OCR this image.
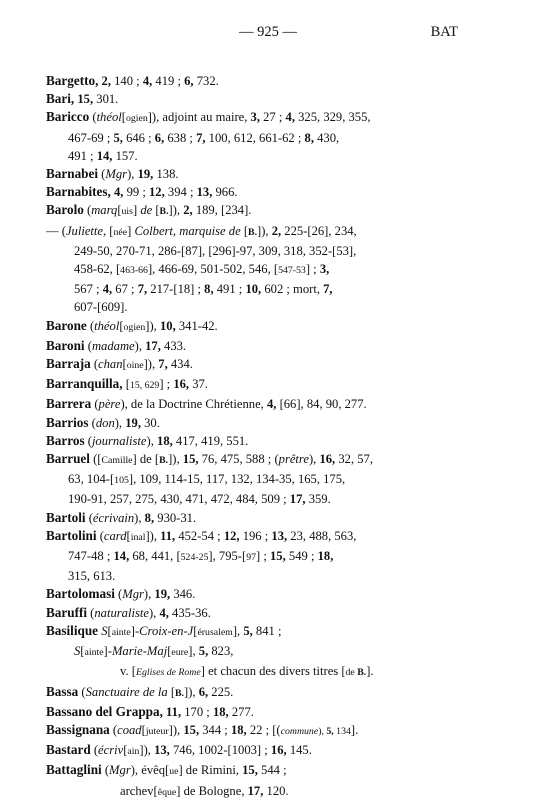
— 925 —	BAT
Bargetto, 2, 140 ; 4, 419 ; 6, 732.
Bari, 15, 301.
Baricco (théol[ogien]), adjoint au maire, 3, 27 ; 4, 325, 329, 355,
467-69 ; 5, 646 ; 6, 638 ; 7, 100, 612, 661-62 ; 8, 430,
491 ; 14, 157.
Barnabei (Mgr), 19, 138.
Barnabites, 4, 99 ; 12, 394 ; 13, 966.
Barolo (marq[uis] de [B.]), 2, 189, [234].
— (Juliette, [née] Colbert, marquise de [B.]), 2, 225-[26], 234,
249-50, 270-71, 286-[87], [296]-97, 309, 318, 352-[53],
458-62, [463-66], 466-69, 501-502, 546, [547-53] ; 3,
567 ; 4, 67 ; 7, 217-[18] ; 8, 491 ; 10, 602 ; mort, 7,
607-[609].
Barone (théol[ogien]), 10, 341-42.
Baroni (madame), 17, 433.
Barraja (chan[oine]), 7, 434.
Barranquilla, [15, 629] ; 16, 37.
Barrera (père), de la Doctrine Chrétienne, 4, [66], 84, 90, 277.
Barrios (don), 19, 30.
Barros (journaliste), 18, 417, 419, 551.
Barruel ([Camille] de [B.]), 15, 76, 475, 588 ; (prêtre), 16, 32, 57,
63, 104-[105], 109, 114-15, 117, 132, 134-35, 165, 175,
190-91, 257, 275, 430, 471, 472, 484, 509 ; 17, 359.
Bartoli (écrivain), 8, 930-31.
Bartolini (card[inal]), 11, 452-54 ; 12, 196 ; 13, 23, 488, 563,
747-48 ; 14, 68, 441, [524-25], 795-[97] ; 15, 549 ; 18,
315, 613.
Bartolomasi (Mgr), 19, 346.
Baruffi (naturaliste), 4, 435-36.
Basilique S[ainte]-Croix-en-J[érusalem], 5, 841 ;
S[ainte]-Marie-Maj[eure], 5, 823,
v. [Eglises de Rome] et chacun des divers titres [de B.].
Bassa (Sanctuaire de la [B.]), 6, 225.
Bassano del Grappa, 11, 170 ; 18, 277.
Bassignana (coad[juteur]), 15, 344 ; 18, 22 ; [(commune), 5, 134].
Bastard (écriv[ain]), 13, 746, 1002-[1003] ; 16, 145.
Battaglini (Mgr), évêq[ue] de Rimini, 15, 544 ;
archev[êque] de Bologne, 17, 120.
